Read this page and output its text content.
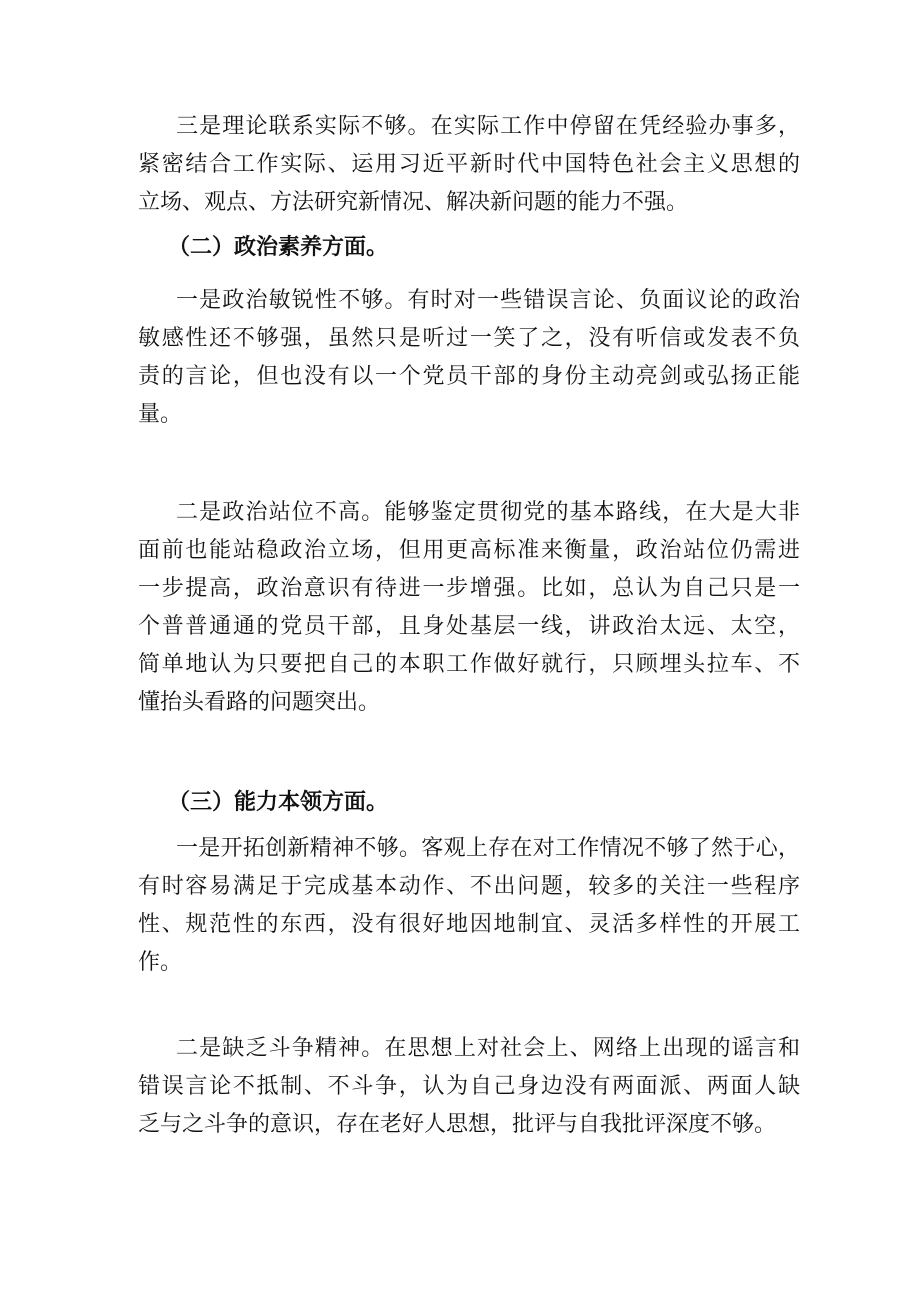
三是理论联系实际不够。在实际工作中停留在凭经验办事多，
紧密结合工作实际、运用习近平新时代中国特色社会主义思想的
立场、观点、方法研究新情况、解决新问题的能力不强。

（二）政治素养方面。

一是政治敏锐性不够。有时对一些错误言论、负面议论的政治
敏感性还不够强，虽然只是听过一笑了之，没有听信或发表不负
责的言论，但也没有以一个党员干部的身份主动亮剑或弘扬正能
量。

二是政治站位不高。能够鉴定贯彻党的基本路线，在大是大非
面前也能站稳政治立场，但用更高标准来衡量，政治站位仍需进
一步提高，政治意识有待进一步增强。比如，总认为自己只是一
个普普通通的党员干部，且身处基层一线，讲政治太远、太空，
简单地认为只要把自己的本职工作做好就行，只顾埋头拉车、不
懂抬头看路的问题突出。

（三）能力本领方面。

一是开拓创新精神不够。客观上存在对工作情况不够了然于心，
有时容易满足于完成基本动作、不出问题，较多的关注一些程序
性、规范性的东西，没有很好地因地制宜、灵活多样性的开展工
作。

二是缺乏斗争精神。在思想上对社会上、网络上出现的谣言和
错误言论不抵制、不斗争，认为自己身边没有两面派、两面人缺
乏与之斗争的意识，存在老好人思想，批评与自我批评深度不够。
